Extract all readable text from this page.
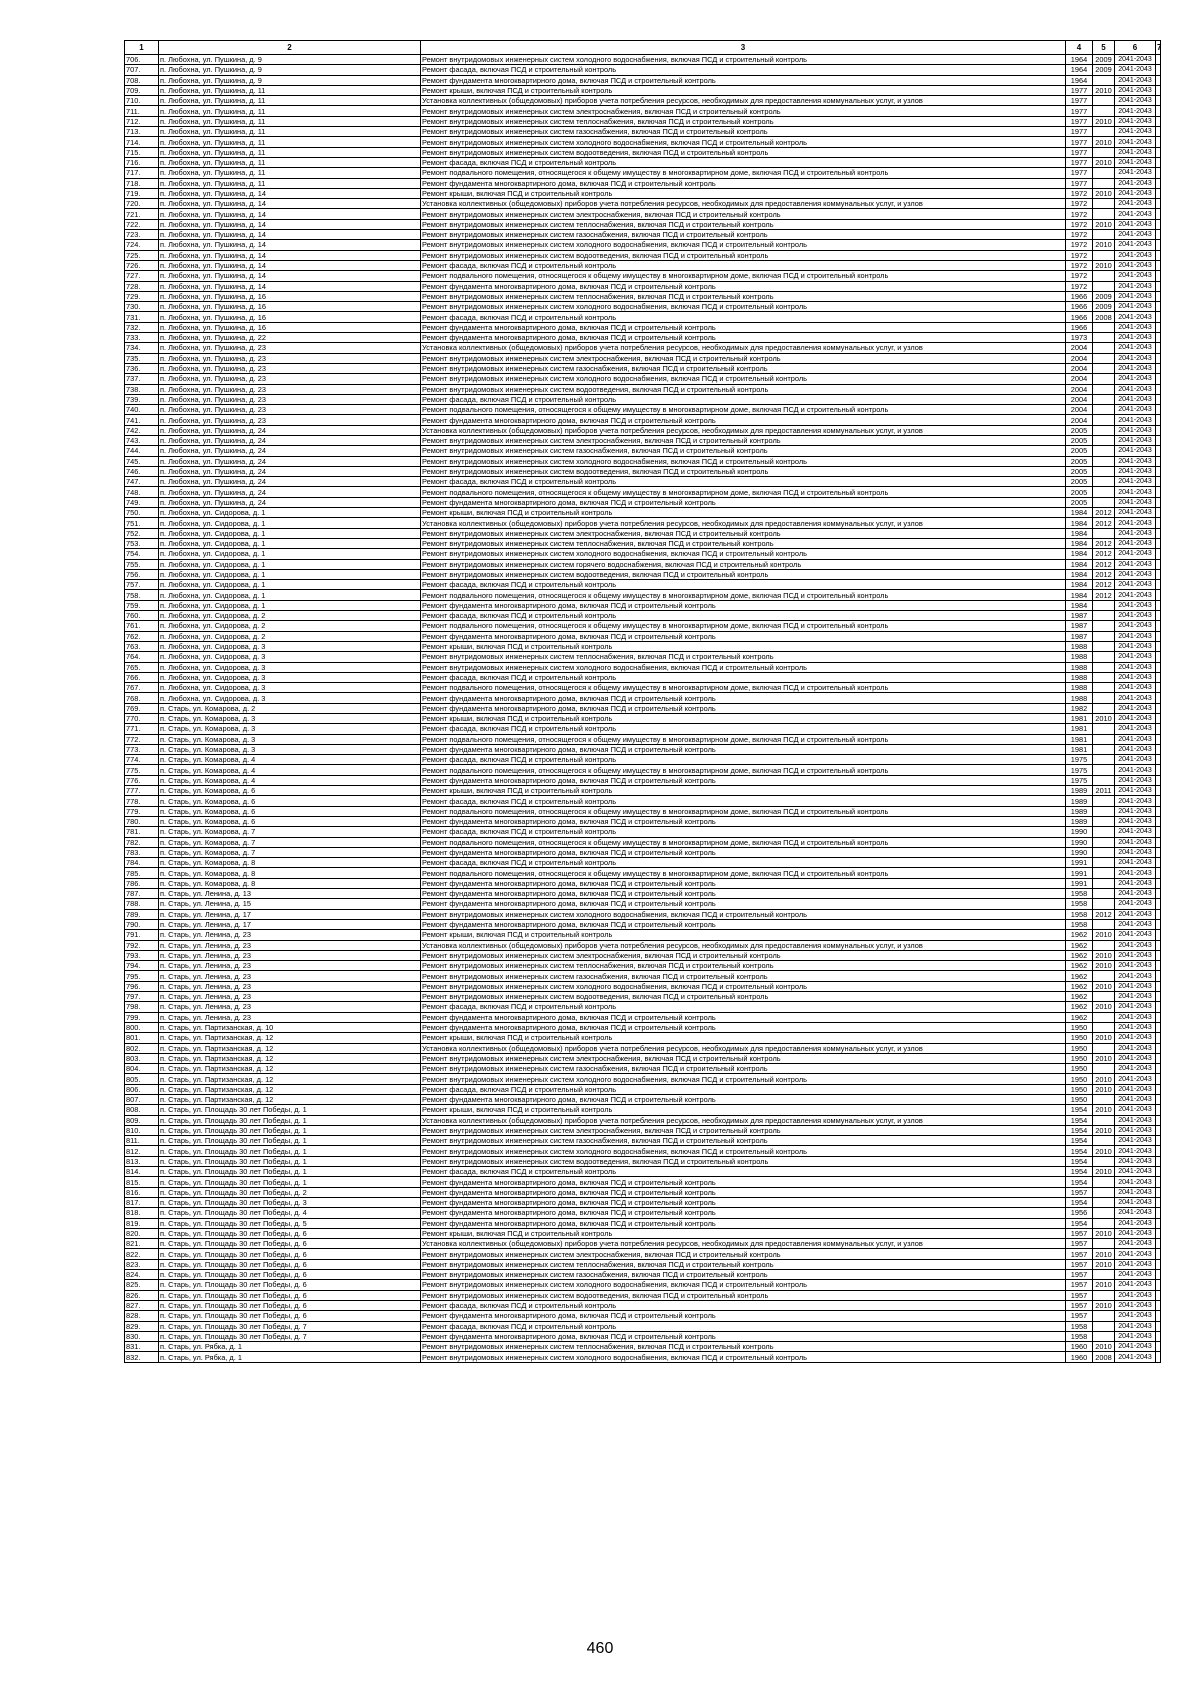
1	2	3	4	5	6	7
706.	п. Любохна, ул. Пушкина, д. 9	Ремонт внутридомовых инженерных систем холодного водоснабжения, включая ПСД и строительный контроль	1964	2009	2041-2043	
707.	п. Любохна, ул. Пушкина, д. 9	Ремонт фасада, включая ПСД и строительный контроль	1964	2009	2041-2043	
708.	п. Любохна, ул. Пушкина, д. 9	Ремонт фундамента многоквартирного дома, включая ПСД и строительный контроль	1964		2041-2043	
709.	п. Любохна, ул. Пушкина, д. 11	Ремонт крыши, включая ПСД и строительный контроль	1977	2010	2041-2043	
710.	п. Любохна, ул. Пушкина, д. 11	Установка коллективных (общедомовых) приборов учета потребления ресурсов, необходимых для предоставления коммунальных услуг, и узлов	1977		2041-2043	
711.	п. Любохна, ул. Пушкина, д. 11	Ремонт внутридомовых инженерных систем электроснабжения, включая ПСД и строительный контроль	1977		2041-2043	
712.	п. Любохна, ул. Пушкина, д. 11	Ремонт внутридомовых инженерных систем теплоснабжения, включая ПСД и строительный контроль	1977	2010	2041-2043	
713.	п. Любохна, ул. Пушкина, д. 11	Ремонт внутридомовых инженерных систем газоснабжения, включая ПСД и строительный контроль	1977		2041-2043	
714.	п. Любохна, ул. Пушкина, д. 11	Ремонт внутридомовых инженерных систем холодного водоснабжения, включая ПСД и строительный контроль	1977	2010	2041-2043	
715.	п. Любохна, ул. Пушкина, д. 11	Ремонт внутридомовых инженерных систем водоотведения, включая ПСД и строительный контроль	1977		2041-2043	
716.	п. Любохна, ул. Пушкина, д. 11	Ремонт фасада, включая ПСД и строительный контроль	1977	2010	2041-2043	
717.	п. Любохна, ул. Пушкина, д. 11	Ремонт подвального помещения, относящегося к общему имуществу в многоквартирном доме, включая ПСД и строительный контроль	1977		2041-2043	
718.	п. Любохна, ул. Пушкина, д. 11	Ремонт фундамента многоквартирного дома, включая ПСД и строительный контроль	1977		2041-2043	
719.	п. Любохна, ул. Пушкина, д. 14	Ремонт крыши, включая ПСД и строительный контроль	1972	2010	2041-2043	
720.	п. Любохна, ул. Пушкина, д. 14	Установка коллективных (общедомовых) приборов учета потребления ресурсов, необходимых для предоставления коммунальных услуг, и узлов	1972		2041-2043	
721.	п. Любохна, ул. Пушкина, д. 14	Ремонт внутридомовых инженерных систем электроснабжения, включая ПСД и строительный контроль	1972		2041-2043	
722.	п. Любохна, ул. Пушкина, д. 14	Ремонт внутридомовых инженерных систем теплоснабжения, включая ПСД и строительный контроль	1972	2010	2041-2043	
723.	п. Любохна, ул. Пушкина, д. 14	Ремонт внутридомовых инженерных систем газоснабжения, включая ПСД и строительный контроль	1972		2041-2043	
724.	п. Любохна, ул. Пушкина, д. 14	Ремонт внутридомовых инженерных систем холодного водоснабжения, включая ПСД и строительный контроль	1972	2010	2041-2043	
725.	п. Любохна, ул. Пушкина, д. 14	Ремонт внутридомовых инженерных систем водоотведения, включая ПСД и строительный контроль	1972		2041-2043	
726.	п. Любохна, ул. Пушкина, д. 14	Ремонт фасада, включая ПСД и строительный контроль	1972	2010	2041-2043	
727.	п. Любохна, ул. Пушкина, д. 14	Ремонт подвального помещения, относящегося к общему имуществу в многоквартирном доме, включая ПСД и строительный контроль	1972		2041-2043	
728.	п. Любохна, ул. Пушкина, д. 14	Ремонт фундамента многоквартирного дома, включая ПСД и строительный контроль	1972		2041-2043	
729.	п. Любохна, ул. Пушкина, д. 16	Ремонт внутридомовых инженерных систем теплоснабжения, включая ПСД и строительный контроль	1966	2009	2041-2043	
730.	п. Любохна, ул. Пушкина, д. 16	Ремонт внутридомовых инженерных систем холодного водоснабжения, включая ПСД и строительный контроль	1966	2009	2041-2043	
731.	п. Любохна, ул. Пушкина, д. 16	Ремонт фасада, включая ПСД и строительный контроль	1966	2008	2041-2043	
732.	п. Любохна, ул. Пушкина, д. 16	Ремонт фундамента многоквартирного дома, включая ПСД и строительный контроль	1966		2041-2043	
733.	п. Любохна, ул. Пушкина, д. 22	Ремонт фундамента многоквартирного дома, включая ПСД и строительный контроль	1973		2041-2043	
734.	п. Любохна, ул. Пушкина, д. 23	Установка коллективных (общедомовых) приборов учета потребления ресурсов, необходимых для предоставления коммунальных услуг, и узлов	2004		2041-2043	
735.	п. Любохна, ул. Пушкина, д. 23	Ремонт внутридомовых инженерных систем электроснабжения, включая ПСД и строительный контроль	2004		2041-2043	
736.	п. Любохна, ул. Пушкина, д. 23	Ремонт внутридомовых инженерных систем газоснабжения, включая ПСД и строительный контроль	2004		2041-2043	
737.	п. Любохна, ул. Пушкина, д. 23	Ремонт внутридомовых инженерных систем холодного водоснабжения, включая ПСД и строительный контроль	2004		2041-2043	
738.	п. Любохна, ул. Пушкина, д. 23	Ремонт внутридомовых инженерных систем водоотведения, включая ПСД и строительный контроль	2004		2041-2043	
739.	п. Любохна, ул. Пушкина, д. 23	Ремонт фасада, включая ПСД и строительный контроль	2004		2041-2043	
740.	п. Любохна, ул. Пушкина, д. 23	Ремонт подвального помещения, относящегося к общему имуществу в многоквартирном доме, включая ПСД и строительный контроль	2004		2041-2043	
741.	п. Любохна, ул. Пушкина, д. 23	Ремонт фундамента многоквартирного дома, включая ПСД и строительный контроль	2004		2041-2043	
742.	п. Любохна, ул. Пушкина, д. 24	Установка коллективных (общедомовых) приборов учета потребления ресурсов, необходимых для предоставления коммунальных услуг, и узлов	2005		2041-2043	
743.	п. Любохна, ул. Пушкина, д. 24	Ремонт внутридомовых инженерных систем электроснабжения, включая ПСД и строительный контроль	2005		2041-2043	
744.	п. Любохна, ул. Пушкина, д. 24	Ремонт внутридомовых инженерных систем газоснабжения, включая ПСД и строительный контроль	2005		2041-2043	
745.	п. Любохна, ул. Пушкина, д. 24	Ремонт внутридомовых инженерных систем холодного водоснабжения, включая ПСД и строительный контроль	2005		2041-2043	
746.	п. Любохна, ул. Пушкина, д. 24	Ремонт внутридомовых инженерных систем водоотведения, включая ПСД и строительный контроль	2005		2041-2043	
747.	п. Любохна, ул. Пушкина, д. 24	Ремонт фасада, включая ПСД и строительный контроль	2005		2041-2043	
748.	п. Любохна, ул. Пушкина, д. 24	Ремонт подвального помещения, относящегося к общему имуществу в многоквартирном доме, включая ПСД и строительный контроль	2005		2041-2043	
749.	п. Любохна, ул. Пушкина, д. 24	Ремонт фундамента многоквартирного дома, включая ПСД и строительный контроль	2005		2041-2043	
750.	п. Любохна, ул. Сидорова, д. 1	Ремонт крыши, включая ПСД и строительный контроль	1984	2012	2041-2043	
751.	п. Любохна, ул. Сидорова, д. 1	Установка коллективных (общедомовых) приборов учета потребления ресурсов, необходимых для предоставления коммунальных услуг, и узлов	1984	2012	2041-2043	
752.	п. Любохна, ул. Сидорова, д. 1	Ремонт внутридомовых инженерных систем электроснабжения, включая ПСД и строительный контроль	1984		2041-2043	
753.	п. Любохна, ул. Сидорова, д. 1	Ремонт внутридомовых инженерных систем теплоснабжения, включая ПСД и строительный контроль	1984	2012	2041-2043	
754.	п. Любохна, ул. Сидорова, д. 1	Ремонт внутридомовых инженерных систем холодного водоснабжения, включая ПСД и строительный контроль	1984	2012	2041-2043	
755.	п. Любохна, ул. Сидорова, д. 1	Ремонт внутридомовых инженерных систем горячего водоснабжения, включая ПСД и строительный контроль	1984	2012	2041-2043	
756.	п. Любохна, ул. Сидорова, д. 1	Ремонт внутридомовых инженерных систем водоотведения, включая ПСД и строительный контроль	1984	2012	2041-2043	
757.	п. Любохна, ул. Сидорова, д. 1	Ремонт фасада, включая ПСД и строительный контроль	1984	2012	2041-2043	
758.	п. Любохна, ул. Сидорова, д. 1	Ремонт подвального помещения, относящегося к общему имуществу в многоквартирном доме, включая ПСД и строительный контроль	1984	2012	2041-2043	
759.	п. Любохна, ул. Сидорова, д. 1	Ремонт фундамента многоквартирного дома, включая ПСД и строительный контроль	1984		2041-2043	
760.	п. Любохна, ул. Сидорова, д. 2	Ремонт фасада, включая ПСД и строительный контроль	1987		2041-2043	
761.	п. Любохна, ул. Сидорова, д. 2	Ремонт подвального помещения, относящегося к общему имуществу в многоквартирном доме, включая ПСД и строительный контроль	1987		2041-2043	
762.	п. Любохна, ул. Сидорова, д. 2	Ремонт фундамента многоквартирного дома, включая ПСД и строительный контроль	1987		2041-2043	
763.	п. Любохна, ул. Сидорова, д. 3	Ремонт крыши, включая ПСД и строительный контроль	1988		2041-2043	
764.	п. Любохна, ул. Сидорова, д. 3	Ремонт внутридомовых инженерных систем теплоснабжения, включая ПСД и строительный контроль	1988		2041-2043	
765.	п. Любохна, ул. Сидорова, д. 3	Ремонт внутридомовых инженерных систем холодного водоснабжения, включая ПСД и строительный контроль	1988		2041-2043	
766.	п. Любохна, ул. Сидорова, д. 3	Ремонт фасада, включая ПСД и строительный контроль	1988		2041-2043	
767.	п. Любохна, ул. Сидорова, д. 3	Ремонт подвального помещения, относящегося к общему имуществу в многоквартирном доме, включая ПСД и строительный контроль	1988		2041-2043	
768.	п. Любохна, ул. Сидорова, д. 3	Ремонт фундамента многоквартирного дома, включая ПСД и строительный контроль	1988		2041-2043	
769.	п. Старь, ул. Комарова, д. 2	Ремонт фундамента многоквартирного дома, включая ПСД и строительный контроль	1982		2041-2043	
770.	п. Старь, ул. Комарова, д. 3	Ремонт крыши, включая ПСД и строительный контроль	1981	2010	2041-2043	
771.	п. Старь, ул. Комарова, д. 3	Ремонт фасада, включая ПСД и строительный контроль	1981		2041-2043	
772.	п. Старь, ул. Комарова, д. 3	Ремонт подвального помещения, относящегося к общему имуществу в многоквартирном доме, включая ПСД и строительный контроль	1981		2041-2043	
773.	п. Старь, ул. Комарова, д. 3	Ремонт фундамента многоквартирного дома, включая ПСД и строительный контроль	1981		2041-2043	
774.	п. Старь, ул. Комарова, д. 4	Ремонт фасада, включая ПСД и строительный контроль	1975		2041-2043	
775.	п. Старь, ул. Комарова, д. 4	Ремонт подвального помещения, относящегося к общему имуществу в многоквартирном доме, включая ПСД и строительный контроль	1975		2041-2043	
776.	п. Старь, ул. Комарова, д. 4	Ремонт фундамента многоквартирного дома, включая ПСД и строительный контроль	1975		2041-2043	
777.	п. Старь, ул. Комарова, д. 6	Ремонт крыши, включая ПСД и строительный контроль	1989	2011	2041-2043	
778.	п. Старь, ул. Комарова, д. 6	Ремонт фасада, включая ПСД и строительный контроль	1989		2041-2043	
779.	п. Старь, ул. Комарова, д. 6	Ремонт подвального помещения, относящегося к общему имуществу в многоквартирном доме, включая ПСД и строительный контроль	1989		2041-2043	
780.	п. Старь, ул. Комарова, д. 6	Ремонт фундамента многоквартирного дома, включая ПСД и строительный контроль	1989		2041-2043	
781.	п. Старь, ул. Комарова, д. 7	Ремонт фасада, включая ПСД и строительный контроль	1990		2041-2043	
782.	п. Старь, ул. Комарова, д. 7	Ремонт подвального помещения, относящегося к общему имуществу в многоквартирном доме, включая ПСД и строительный контроль	1990		2041-2043	
783.	п. Старь, ул. Комарова, д. 7	Ремонт фундамента многоквартирного дома, включая ПСД и строительный контроль	1990		2041-2043	
784.	п. Старь, ул. Комарова, д. 8	Ремонт фасада, включая ПСД и строительный контроль	1991		2041-2043	
785.	п. Старь, ул. Комарова, д. 8	Ремонт подвального помещения, относящегося к общему имуществу в многоквартирном доме, включая ПСД и строительный контроль	1991		2041-2043	
786.	п. Старь, ул. Комарова, д. 8	Ремонт фундамента многоквартирного дома, включая ПСД и строительный контроль	1991		2041-2043	
787.	п. Старь, ул. Ленина, д. 13	Ремонт фундамента многоквартирного дома, включая ПСД и строительный контроль	1958		2041-2043	
788.	п. Старь, ул. Ленина, д. 15	Ремонт фундамента многоквартирного дома, включая ПСД и строительный контроль	1958		2041-2043	
789.	п. Старь, ул. Ленина, д. 17	Ремонт внутридомовых инженерных систем холодного водоснабжения, включая ПСД и строительный контроль	1958	2012	2041-2043	
790.	п. Старь, ул. Ленина, д. 17	Ремонт фундамента многоквартирного дома, включая ПСД и строительный контроль	1958		2041-2043	
791.	п. Старь, ул. Ленина, д. 23	Ремонт крыши, включая ПСД и строительный контроль	1962	2010	2041-2043	
792.	п. Старь, ул. Ленина, д. 23	Установка коллективных (общедомовых) приборов учета потребления ресурсов, необходимых для предоставления коммунальных услуг, и узлов	1962		2041-2043	
793.	п. Старь, ул. Ленина, д. 23	Ремонт внутридомовых инженерных систем электроснабжения, включая ПСД и строительный контроль	1962	2010	2041-2043	
794.	п. Старь, ул. Ленина, д. 23	Ремонт внутридомовых инженерных систем теплоснабжения, включая ПСД и строительный контроль	1962	2010	2041-2043	
795.	п. Старь, ул. Ленина, д. 23	Ремонт внутридомовых инженерных систем газоснабжения, включая ПСД и строительный контроль	1962		2041-2043	
796.	п. Старь, ул. Ленина, д. 23	Ремонт внутридомовых инженерных систем холодного водоснабжения, включая ПСД и строительный контроль	1962	2010	2041-2043	
797.	п. Старь, ул. Ленина, д. 23	Ремонт внутридомовых инженерных систем водоотведения, включая ПСД и строительный контроль	1962		2041-2043	
798.	п. Старь, ул. Ленина, д. 23	Ремонт фасада, включая ПСД и строительный контроль	1962	2010	2041-2043	
799.	п. Старь, ул. Ленина, д. 23	Ремонт фундамента многоквартирного дома, включая ПСД и строительный контроль	1962		2041-2043	
800.	п. Старь, ул. Партизанская, д. 10	Ремонт фундамента многоквартирного дома, включая ПСД и строительный контроль	1950		2041-2043	
801.	п. Старь, ул. Партизанская, д. 12	Ремонт крыши, включая ПСД и строительный контроль	1950	2010	2041-2043	
802.	п. Старь, ул. Партизанская, д. 12	Установка коллективных (общедомовых) приборов учета потребления ресурсов, необходимых для предоставления коммунальных услуг, и узлов	1950		2041-2043	
803.	п. Старь, ул. Партизанская, д. 12	Ремонт внутридомовых инженерных систем электроснабжения, включая ПСД и строительный контроль	1950	2010	2041-2043	
804.	п. Старь, ул. Партизанская, д. 12	Ремонт внутридомовых инженерных систем газоснабжения, включая ПСД и строительный контроль	1950		2041-2043	
805.	п. Старь, ул. Партизанская, д. 12	Ремонт внутридомовых инженерных систем холодного водоснабжения, включая ПСД и строительный контроль	1950	2010	2041-2043	
806.	п. Старь, ул. Партизанская, д. 12	Ремонт фасада, включая ПСД и строительный контроль	1950	2010	2041-2043	
807.	п. Старь, ул. Партизанская, д. 12	Ремонт фундамента многоквартирного дома, включая ПСД и строительный контроль	1950		2041-2043	
808.	п. Старь, ул. Площадь 30 лет Победы, д. 1	Ремонт крыши, включая ПСД и строительный контроль	1954	2010	2041-2043	
809.	п. Старь, ул. Площадь 30 лет Победы, д. 1	Установка коллективных (общедомовых) приборов учета потребления ресурсов, необходимых для предоставления коммунальных услуг, и узлов	1954		2041-2043	
810.	п. Старь, ул. Площадь 30 лет Победы, д. 1	Ремонт внутридомовых инженерных систем электроснабжения, включая ПСД и строительный контроль	1954	2010	2041-2043	
811.	п. Старь, ул. Площадь 30 лет Победы, д. 1	Ремонт внутридомовых инженерных систем газоснабжения, включая ПСД и строительный контроль	1954		2041-2043	
812.	п. Старь, ул. Площадь 30 лет Победы, д. 1	Ремонт внутридомовых инженерных систем холодного водоснабжения, включая ПСД и строительный контроль	1954	2010	2041-2043	
813.	п. Старь, ул. Площадь 30 лет Победы, д. 1	Ремонт внутридомовых инженерных систем водоотведения, включая ПСД и строительный контроль	1954		2041-2043	
814.	п. Старь, ул. Площадь 30 лет Победы, д. 1	Ремонт фасада, включая ПСД и строительный контроль	1954	2010	2041-2043	
815.	п. Старь, ул. Площадь 30 лет Победы, д. 1	Ремонт фундамента многоквартирного дома, включая ПСД и строительный контроль	1954		2041-2043	
816.	п. Старь, ул. Площадь 30 лет Победы, д. 2	Ремонт фундамента многоквартирного дома, включая ПСД и строительный контроль	1957		2041-2043	
817.	п. Старь, ул. Площадь 30 лет Победы, д. 3	Ремонт фундамента многоквартирного дома, включая ПСД и строительный контроль	1954		2041-2043	
818.	п. Старь, ул. Площадь 30 лет Победы, д. 4	Ремонт фундамента многоквартирного дома, включая ПСД и строительный контроль	1956		2041-2043	
819.	п. Старь, ул. Площадь 30 лет Победы, д. 5	Ремонт фундамента многоквартирного дома, включая ПСД и строительный контроль	1954		2041-2043	
820.	п. Старь, ул. Площадь 30 лет Победы, д. 6	Ремонт крыши, включая ПСД и строительный контроль	1957	2010	2041-2043	
821.	п. Старь, ул. Площадь 30 лет Победы, д. 6	Установка коллективных (общедомовых) приборов учета потребления ресурсов, необходимых для предоставления коммунальных услуг, и узлов	1957		2041-2043	
822.	п. Старь, ул. Площадь 30 лет Победы, д. 6	Ремонт внутридомовых инженерных систем электроснабжения, включая ПСД и строительный контроль	1957	2010	2041-2043	
823.	п. Старь, ул. Площадь 30 лет Победы, д. 6	Ремонт внутридомовых инженерных систем теплоснабжения, включая ПСД и строительный контроль	1957	2010	2041-2043	
824.	п. Старь, ул. Площадь 30 лет Победы, д. 6	Ремонт внутридомовых инженерных систем газоснабжения, включая ПСД и строительный контроль	1957		2041-2043	
825.	п. Старь, ул. Площадь 30 лет Победы, д. 6	Ремонт внутридомовых инженерных систем холодного водоснабжения, включая ПСД и строительный контроль	1957	2010	2041-2043	
826.	п. Старь, ул. Площадь 30 лет Победы, д. 6	Ремонт внутридомовых инженерных систем водоотведения, включая ПСД и строительный контроль	1957		2041-2043	
827.	п. Старь, ул. Площадь 30 лет Победы, д. 6	Ремонт фасада, включая ПСД и строительный контроль	1957	2010	2041-2043	
828.	п. Старь, ул. Площадь 30 лет Победы, д. 6	Ремонт фундамента многоквартирного дома, включая ПСД и строительный контроль	1957		2041-2043	
829.	п. Старь, ул. Площадь 30 лет Победы, д. 7	Ремонт фасада, включая ПСД и строительный контроль	1958		2041-2043	
830.	п. Старь, ул. Площадь 30 лет Победы, д. 7	Ремонт фундамента многоквартирного дома, включая ПСД и строительный контроль	1958		2041-2043	
831.	п. Старь, ул. Рябка, д. 1	Ремонт внутридомовых инженерных систем теплоснабжения, включая ПСД и строительный контроль	1960	2010	2041-2043	
832.	п. Старь, ул. Рябка, д. 1	Ремонт внутридомовых инженерных систем холодного водоснабжения, включая ПСД и строительный контроль	1960	2008	2041-2043	
460
